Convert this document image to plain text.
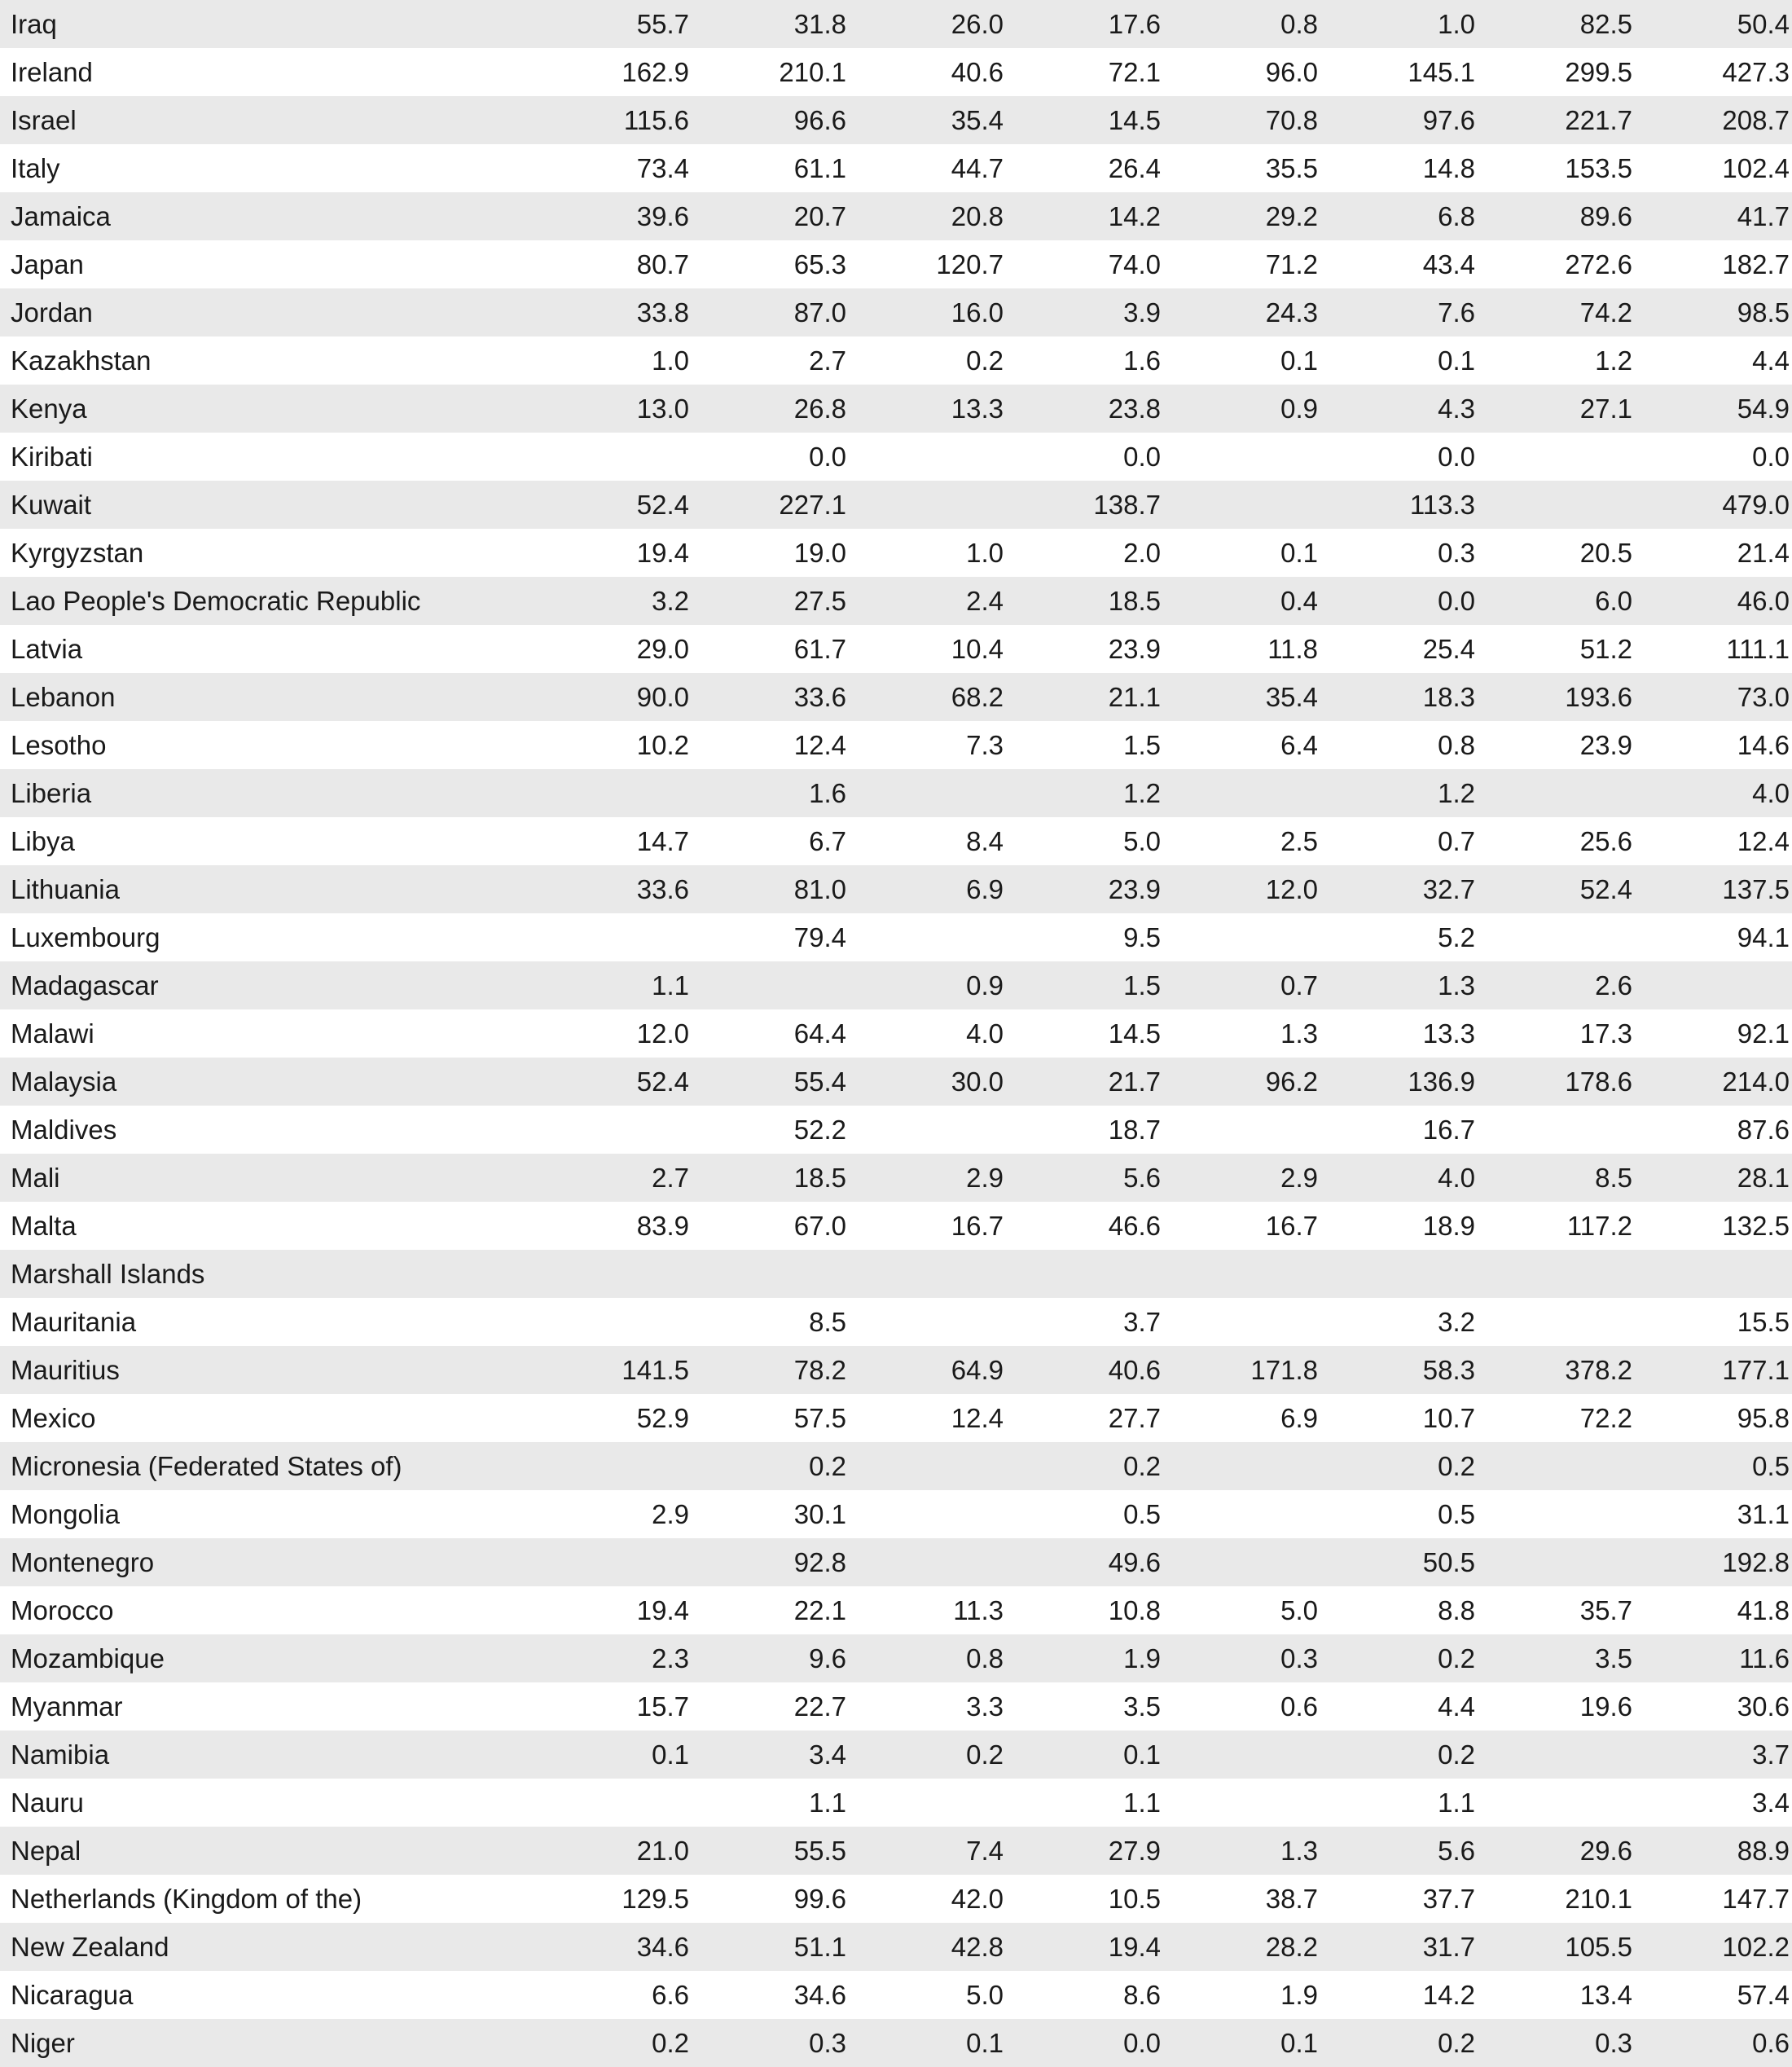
Iraq	55.7	31.8	26.0	17.6	0.8	1.0	82.5	50.4
Ireland	162.9	210.1	40.6	72.1	96.0	145.1	299.5	427.3
Israel	115.6	96.6	35.4	14.5	70.8	97.6	221.7	208.7
Italy	73.4	61.1	44.7	26.4	35.5	14.8	153.5	102.4
Jamaica	39.6	20.7	20.8	14.2	29.2	6.8	89.6	41.7
Japan	80.7	65.3	120.7	74.0	71.2	43.4	272.6	182.7
Jordan	33.8	87.0	16.0	3.9	24.3	7.6	74.2	98.5
Kazakhstan	1.0	2.7	0.2	1.6	0.1	0.1	1.2	4.4
Kenya	13.0	26.8	13.3	23.8	0.9	4.3	27.1	54.9
Kiribati		0.0		0.0		0.0		0.0
Kuwait	52.4	227.1		138.7		113.3		479.0
Kyrgyzstan	19.4	19.0	1.0	2.0	0.1	0.3	20.5	21.4
Lao People's Democratic Republic	3.2	27.5	2.4	18.5	0.4	0.0	6.0	46.0
Latvia	29.0	61.7	10.4	23.9	11.8	25.4	51.2	111.1
Lebanon	90.0	33.6	68.2	21.1	35.4	18.3	193.6	73.0
Lesotho	10.2	12.4	7.3	1.5	6.4	0.8	23.9	14.6
Liberia		1.6		1.2		1.2		4.0
Libya	14.7	6.7	8.4	5.0	2.5	0.7	25.6	12.4
Lithuania	33.6	81.0	6.9	23.9	12.0	32.7	52.4	137.5
Luxembourg		79.4		9.5		5.2		94.1
Madagascar	1.1		0.9	1.5	0.7	1.3	2.6	
Malawi	12.0	64.4	4.0	14.5	1.3	13.3	17.3	92.1
Malaysia	52.4	55.4	30.0	21.7	96.2	136.9	178.6	214.0
Maldives		52.2		18.7		16.7		87.6
Mali	2.7	18.5	2.9	5.6	2.9	4.0	8.5	28.1
Malta	83.9	67.0	16.7	46.6	16.7	18.9	117.2	132.5
Marshall Islands								
Mauritania		8.5		3.7		3.2		15.5
Mauritius	141.5	78.2	64.9	40.6	171.8	58.3	378.2	177.1
Mexico	52.9	57.5	12.4	27.7	6.9	10.7	72.2	95.8
Micronesia (Federated States of)		0.2		0.2		0.2		0.5
Mongolia	2.9	30.1		0.5		0.5		31.1
Montenegro		92.8		49.6		50.5		192.8
Morocco	19.4	22.1	11.3	10.8	5.0	8.8	35.7	41.8
Mozambique	2.3	9.6	0.8	1.9	0.3	0.2	3.5	11.6
Myanmar	15.7	22.7	3.3	3.5	0.6	4.4	19.6	30.6
Namibia	0.1	3.4	0.2	0.1		0.2		3.7
Nauru		1.1		1.1		1.1		3.4
Nepal	21.0	55.5	7.4	27.9	1.3	5.6	29.6	88.9
Netherlands (Kingdom of the)	129.5	99.6	42.0	10.5	38.7	37.7	210.1	147.7
New Zealand	34.6	51.1	42.8	19.4	28.2	31.7	105.5	102.2
Nicaragua	6.6	34.6	5.0	8.6	1.9	14.2	13.4	57.4
Niger	0.2	0.3	0.1	0.0	0.1	0.2	0.3	0.6
